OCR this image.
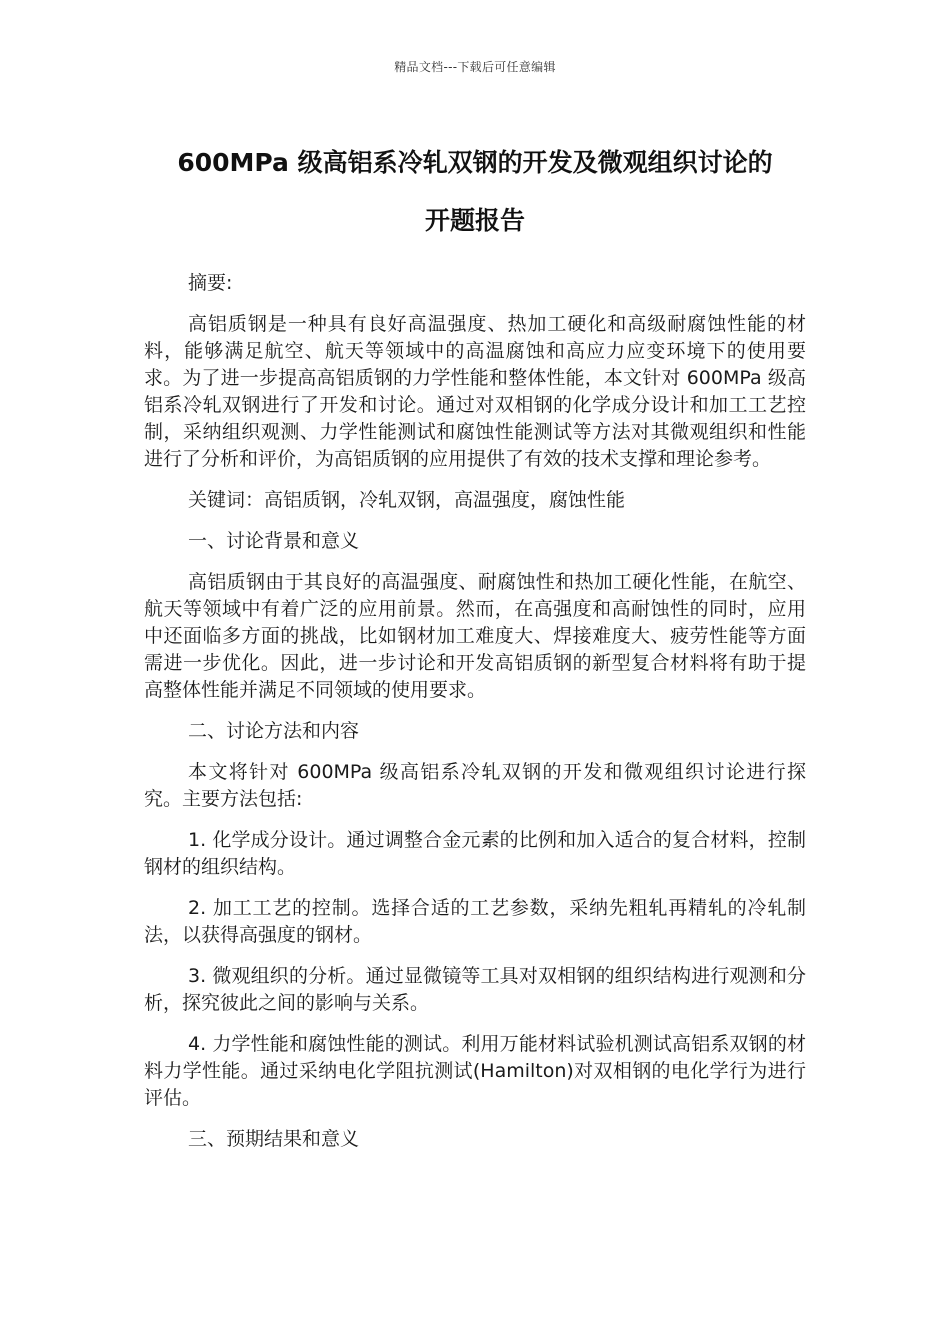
精品文档---下载后可任意编辑
600MPa 级高铝系冷轧双钢的开发及微观组织讨论的
开题报告

摘要:

高铝质钢是一种具有良好高温强度、热加工硬化和高级耐腐蚀性能的材料，能够满足航空、航天等领域中的高温腐蚀和高应力应变环境下的使用要求。为了进一步提高高铝质钢的力学性能和整体性能，本文针对 600MPa 级高铝系冷轧双钢进行了开发和讨论。通过对双相钢的化学成分设计和加工工艺控制，采纳组织观测、力学性能测试和腐蚀性能测试等方法对其微观组织和性能进行了分析和评价，为高铝质钢的应用提供了有效的技术支撑和理论参考。

关键词：高铝质钢，冷轧双钢，高温强度，腐蚀性能

一、讨论背景和意义

高铝质钢由于其良好的高温强度、耐腐蚀性和热加工硬化性能，在航空、航天等领域中有着广泛的应用前景。然而，在高强度和高耐蚀性的同时，应用中还面临多方面的挑战，比如钢材加工难度大、焊接难度大、疲劳性能等方面需进一步优化。因此，进一步讨论和开发高铝质钢的新型复合材料将有助于提高整体性能并满足不同领域的使用要求。

二、讨论方法和内容

本文将针对 600MPa 级高铝系冷轧双钢的开发和微观组织讨论进行探究。主要方法包括:

1. 化学成分设计。通过调整合金元素的比例和加入适合的复合材料，控制钢材的组织结构。

2. 加工工艺的控制。选择合适的工艺参数，采纳先粗轧再精轧的冷轧制法，以获得高强度的钢材。

3. 微观组织的分析。通过显微镜等工具对双相钢的组织结构进行观测和分析，探究彼此之间的影响与关系。

4. 力学性能和腐蚀性能的测试。利用万能材料试验机测试高铝系双钢的材料力学性能。通过采纳电化学阻抗测试(Hamilton)对双相钢的电化学行为进行评估。

三、预期结果和意义
